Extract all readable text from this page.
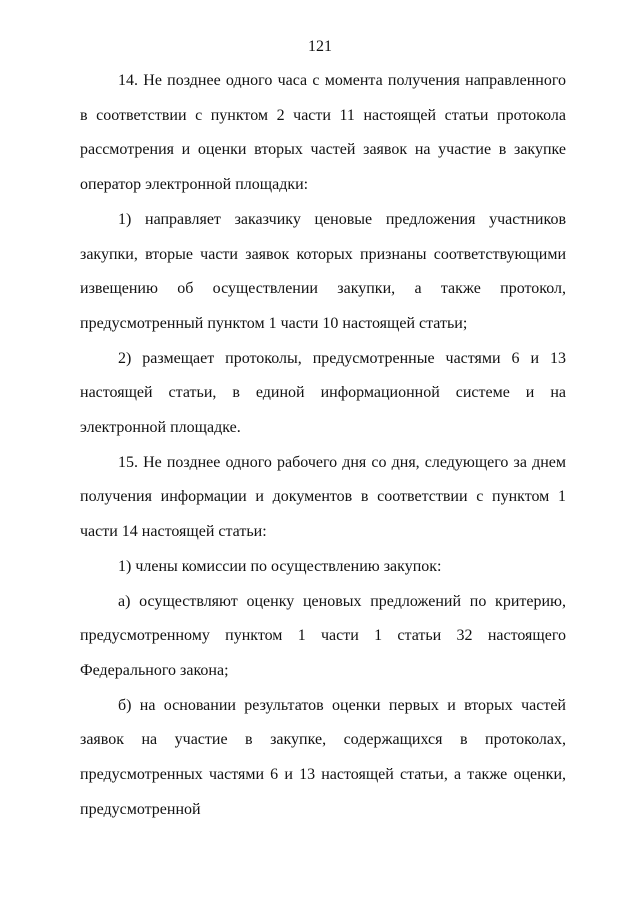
121

14. Не позднее одного часа с момента получения направленного в соответствии с пунктом 2 части 11 настоящей статьи протокола рассмотрения и оценки вторых частей заявок на участие в закупке оператор электронной площадки:

1) направляет заказчику ценовые предложения участников закупки, вторые части заявок которых признаны соответствующими извещению об осуществлении закупки, а также протокол, предусмотренный пунктом 1 части 10 настоящей статьи;

2) размещает протоколы, предусмотренные частями 6 и 13 настоящей статьи, в единой информационной системе и на электронной площадке.

15. Не позднее одного рабочего дня со дня, следующего за днем получения информации и документов в соответствии с пунктом 1 части 14 настоящей статьи:

1) члены комиссии по осуществлению закупок:

а) осуществляют оценку ценовых предложений по критерию, предусмотренному пунктом 1 части 1 статьи 32 настоящего Федерального закона;

б) на основании результатов оценки первых и вторых частей заявок на участие в закупке, содержащихся в протоколах, предусмотренных частями 6 и 13 настоящей статьи, а также оценки, предусмотренной
